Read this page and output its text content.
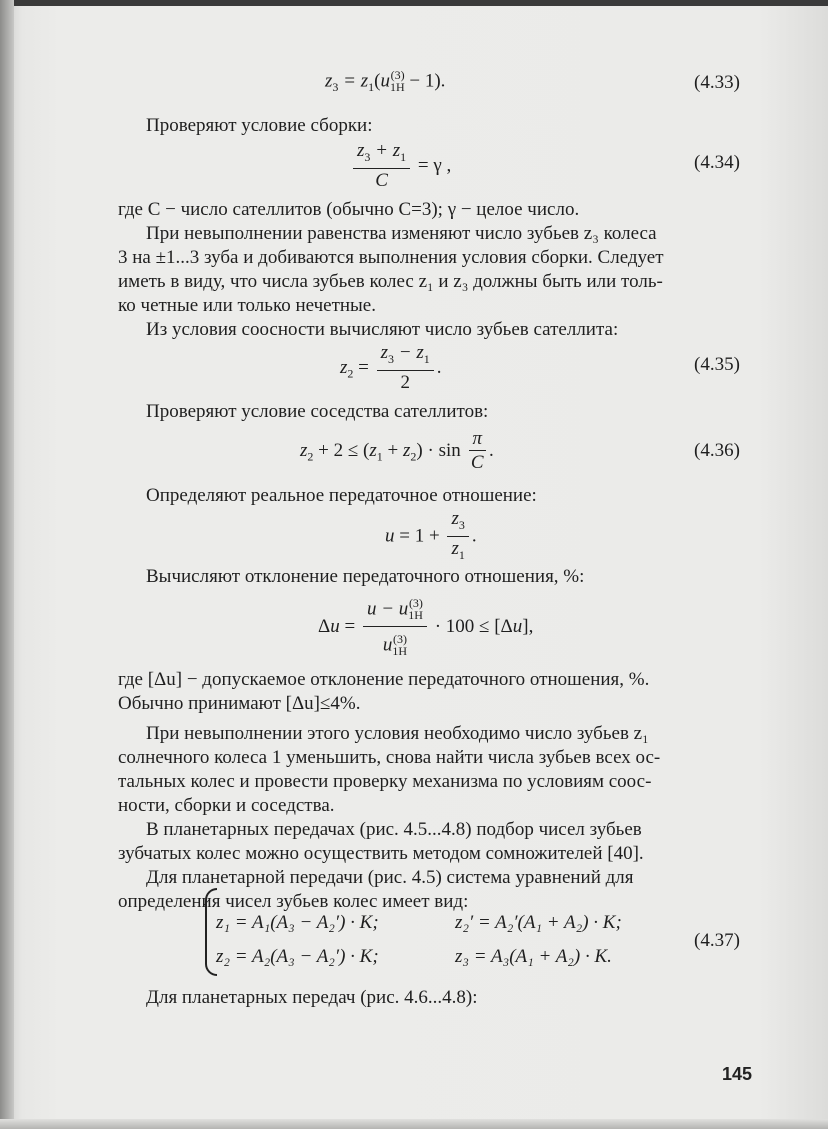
$z_3 = z_1(u_{1H}^{(3)} - 1)$.	(4.33)
Проверяют условие сборки:
$\frac{z_3 + z_1}{C} = \gamma$ ,	(4.34)
где C − число сателлитов (обычно C=3); γ − целое число.
При невыполнении равенства изменяют число зубьев z₃ колеса
3 на ±1...3 зуба и добиваются выполнения условия сборки. Следует
иметь в виду, что числа зубьев колес z₁ и z₃ должны быть или толь-
ко четные или только нечетные.
Из условия соосности вычисляют число зубьев сателлита:
$z_2 = \frac{z_3 - z_1}{2}$ .	(4.35)
Проверяют условие соседства сателлитов:
$z_2 + 2 \le (z_1 + z_2) \cdot \sin \frac{\pi}{C}$ .	(4.36)
Определяют реальное передаточное отношение:
$u = 1 + \frac{z_3}{z_1}$ .
Вычисляют отклонение передаточного отношения, %:
$\Delta u = \frac{u - u_{1H}^{(3)}}{u_{1H}^{(3)}} \cdot 100 \le [\Delta u]$,
где [Δu] − допускаемое отклонение передаточного отношения, %.
Обычно принимают [Δu]≤4%.
При невыполнении этого условия необходимо число зубьев z₁
солнечного колеса 1 уменьшить, снова найти числа зубьев всех ос-
тальных колес и провести проверку механизма по условиям соос-
ности, сборки и соседства.
В планетарных передачах (рис. 4.5...4.8) подбор чисел зубьев
зубчатых колес можно осуществить методом сомножителей [40].
Для планетарной передачи (рис. 4.5) система уравнений для
определения чисел зубьев колес имеет вид:
z₁ = A₁(A₃ − A₂′) · K;	z₂′ = A₂′(A₁ + A₂) · K;
z₂ = A₂(A₃ − A₂′) · K;	z₃ = A₃(A₁ + A₂) · K.
(4.37)
Для планетарных передач (рис. 4.6...4.8):
145
